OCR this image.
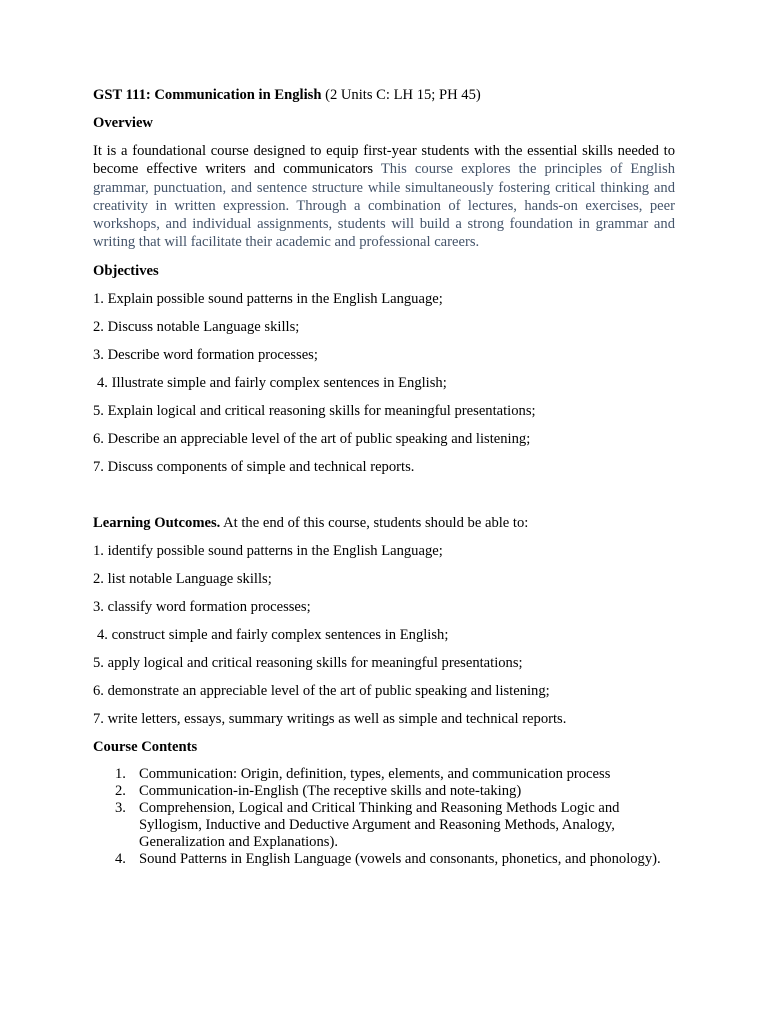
GST 111: Communication in English (2 Units C: LH 15; PH 45)
Overview
It is a foundational course designed to equip first-year students with the essential skills needed to become effective writers and communicators This course explores the principles of English grammar, punctuation, and sentence structure while simultaneously fostering critical thinking and creativity in written expression. Through a combination of lectures, hands-on exercises, peer workshops, and individual assignments, students will build a strong foundation in grammar and writing that will facilitate their academic and professional careers.
Objectives
1. Explain possible sound patterns in the English Language;
2. Discuss notable Language skills;
3. Describe word formation processes;
4. Illustrate simple and fairly complex sentences in English;
5. Explain logical and critical reasoning skills for meaningful presentations;
6. Describe an appreciable level of the art of public speaking and listening;
7. Discuss components of simple and technical reports.
Learning Outcomes. At the end of this course, students should be able to:
1. identify possible sound patterns in the English Language;
2. list notable Language skills;
3. classify word formation processes;
4. construct simple and fairly complex sentences in English;
5. apply logical and critical reasoning skills for meaningful presentations;
6. demonstrate an appreciable level of the art of public speaking and listening;
7. write letters, essays, summary writings as well as simple and technical reports.
Course Contents
1. Communication: Origin, definition, types, elements, and communication process
2. Communication-in-English (The receptive skills and note-taking)
3. Comprehension, Logical and Critical Thinking and Reasoning Methods Logic and Syllogism, Inductive and Deductive Argument and Reasoning Methods, Analogy, Generalization and Explanations).
4. Sound Patterns in English Language (vowels and consonants, phonetics, and phonology).
